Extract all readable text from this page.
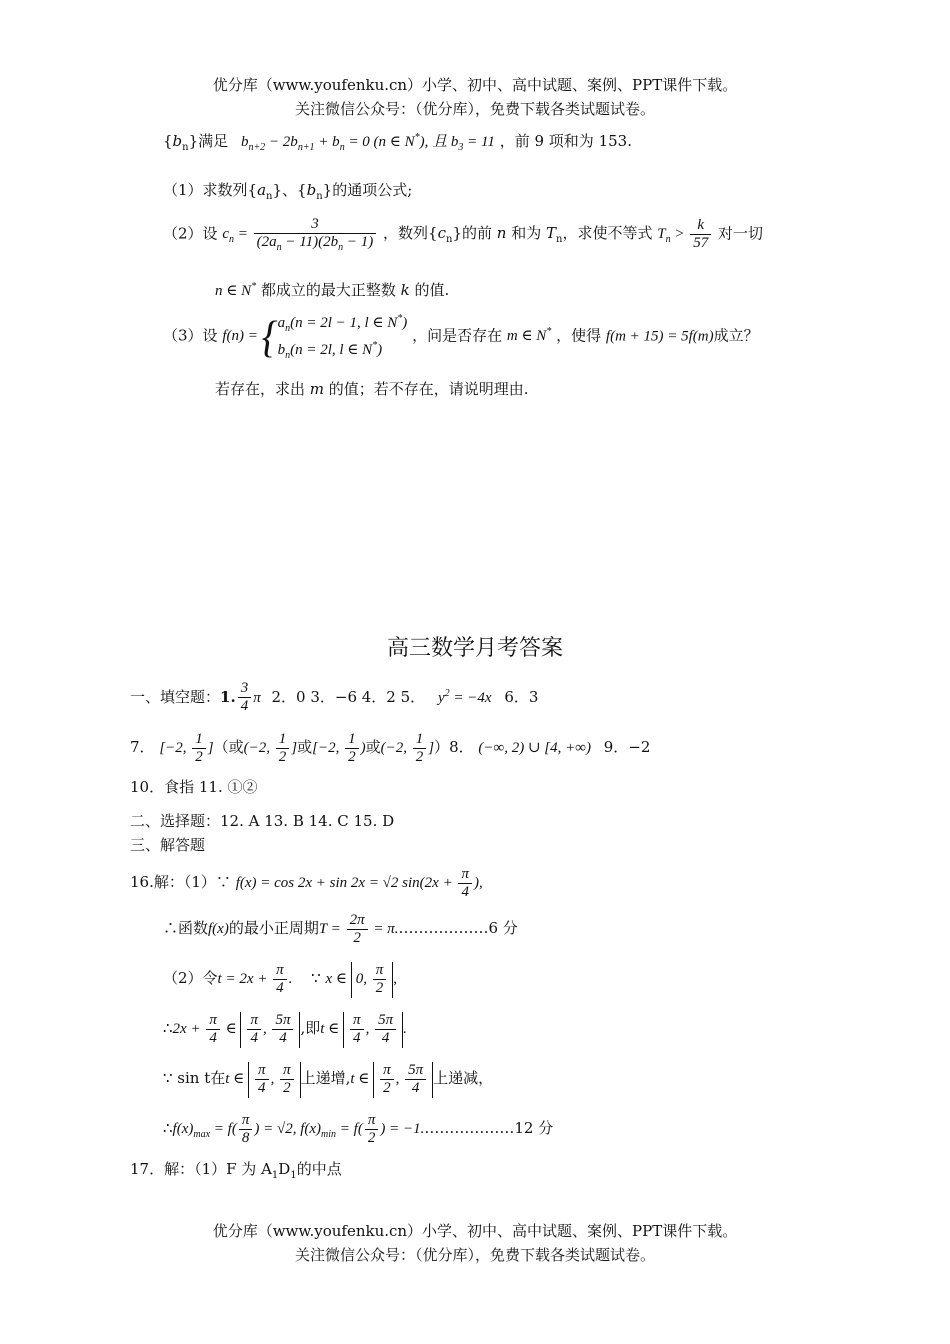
优分库（www.youfenku.cn）小学、初中、高中试题、案例、PPT课件下载。
关注微信公众号：（优分库），免费下载各类试题试卷。
$\{b_n\}$满足 $b_{n+2} - 2b_{n+1} + b_n = 0$ (n ∈ N*), 且 $b_3 = 11$ ，前 9 项和为 153.
（1）求数列$\{a_n\}$、$\{b_n\}$的通项公式;
（2）设 $c_n = \frac{3}{(2a_n - 11)(2b_n - 1)}$ ，数列$\{c_n\}$的前 n 和为 $T_n$，求使不等式 $T_n > \frac{k}{57}$ 对一切
n ∈ N* 都成立的最大正整数 k 的值.
（3）设 $f(n) = \{a_n(n = 2l - 1$, l ∈ N*)
$b_n(n = 2l$, l ∈ N*) ，问是否存在 m ∈ N* ，使得 f(m + 15) = 5f(m)成立？
若存在，求出 m 的值；若不存在，请说明理由.
高三数学月考答案
一、填空题：1. $\frac{3}{4}$ π 2．0 3．−6 4．2 5． $y^2 = -4x$ 6．3
7． [−2, $\frac{1}{2}$ ]（或(−2, $\frac{1}{2}$ ]或[−2, $\frac{1}{2}$ )或(−2, $\frac{1}{2} ])8$． (−∞, 2) ∪ [4, +∞) 9．−2
10．食指 11. ①②
二、选择题：12. A 13. B 14. C 15. D
三、解答题
16.解：（1）∵ f(x) = cos 2x + sin 2x = √2 $\sin(2x + \frac{\pi}{4}$ ),
∴函数f(x)的最小正周期$T = \frac{2\pi}{2}$ = π.………………6 分
（2）令$t = 2x + \frac{\pi}{4}$ . ∵ x ∈ 0, $\frac{\pi}{2}$ ,
∴2x + $\frac{\pi}{4}$ ∈ $\frac{\pi}{4}$ , $\frac{5\pi}{4}$ ,即t ∈ $\frac{\pi}{4}$ , $\frac{5\pi}{4}$ .
∵ sin t在t ∈ $\frac{\pi}{4}$ , $\frac{\pi}{2}$ 上递增,t ∈ $\frac{\pi}{2}$ , $\frac{5\pi}{4}$ 上递减，
$\therefore f(x)_{max} = f( \frac{\pi}{8}$ ) = √2, $f(x)_{min} = f( \frac{\pi}{2}$ ) = −1.………………12 分
17．解：（1）F 为 $A_1D_1$的中点
优分库（www.youfenku.cn）小学、初中、高中试题、案例、PPT课件下载。
关注微信公众号：（优分库），免费下载各类试题试卷。
